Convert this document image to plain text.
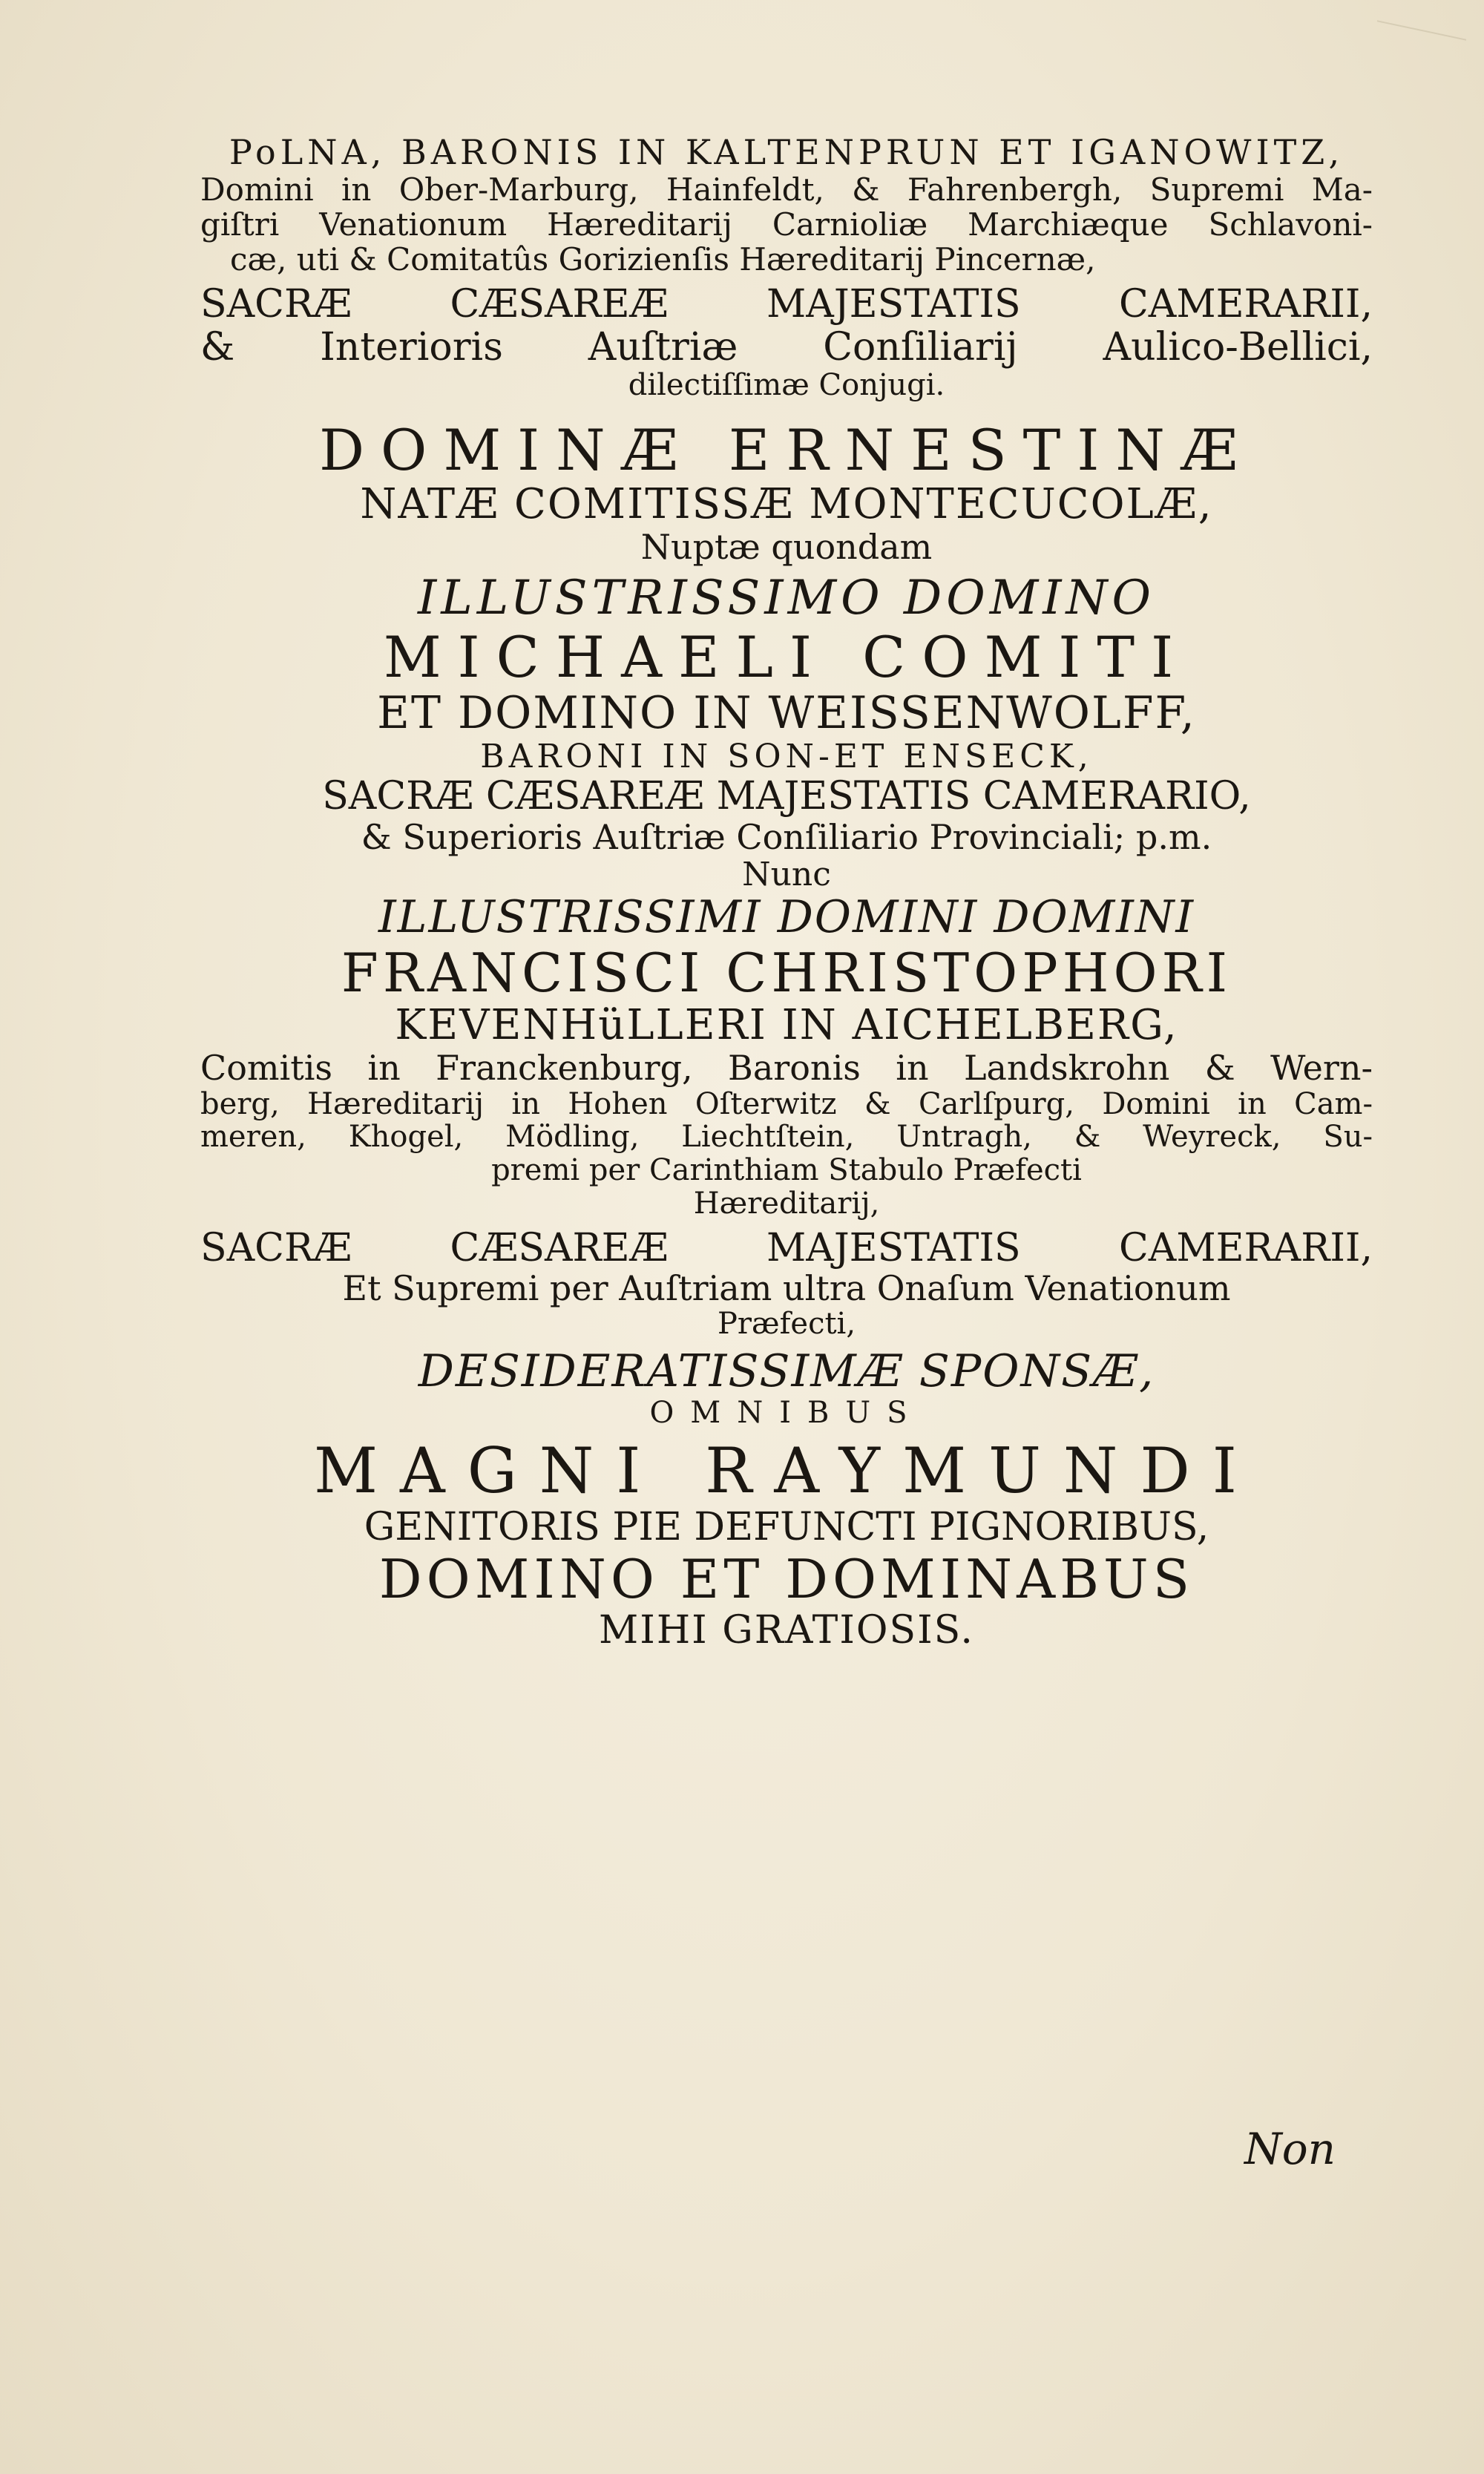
PoLNA, BARONIS IN KALTENPRUN ET IGANOWITZ,
Domini in Ober-Marburg, Hainfeldt, & Fahrenbergh, Supremi Ma-
giſtri Venationum Hæreditarij Carnioliæ Marchiæque Schlavoni-
cæ, uti & Comitatûs Gorizienſis Hæreditarij Pincernæ,
SACRÆ CÆSAREÆ MAJESTATIS CAMERARII,
& Interioris Auſtriæ Conſiliarij Aulico-Bellici,
dilectiſſimæ Conjugi.
DOMINÆ ERNESTINÆ
NATÆ COMITISSÆ MONTECUCOLÆ,
Nuptæ quondam
ILLUSTRISSIMO DOMINO
MICHAELI COMITI
ET DOMINO IN WEISSENWOLFF,
BARONI IN SON-ET ENSECK,
SACRÆ CÆSAREÆ MAJESTATIS CAMERARIO,
& Superioris Auſtriæ Conſiliario Provinciali; p.m.
Nunc
ILLUSTRISSIMI DOMINI DOMINI
FRANCISCI CHRISTOPHORI
KEVENHüLLERI IN AICHELBERG,
Comitis in Franckenburg, Baronis in Landskrohn & Wern-
berg, Hæreditarij in Hohen Oſterwitz & Carlſpurg, Domini in Cam-
meren, Khogel, Mödling, Liechtſtein, Untragh, & Weyreck, Su-
premi per Carinthiam Stabulo Præfecti
Hæreditarij,
SACRÆ CÆSAREÆ MAJESTATIS CAMERARII,
Et Supremi per Auſtriam ultra Onaſum Venationum
Præfecti,
DESIDERATISSIMÆ SPONSÆ,
OMNIBUS
MAGNI RAYMUNDI
GENITORIS PIE DEFUNCTI PIGNORIBUS,
DOMINO ET DOMINABUS
MIHI GRATIOSIS.
Non
